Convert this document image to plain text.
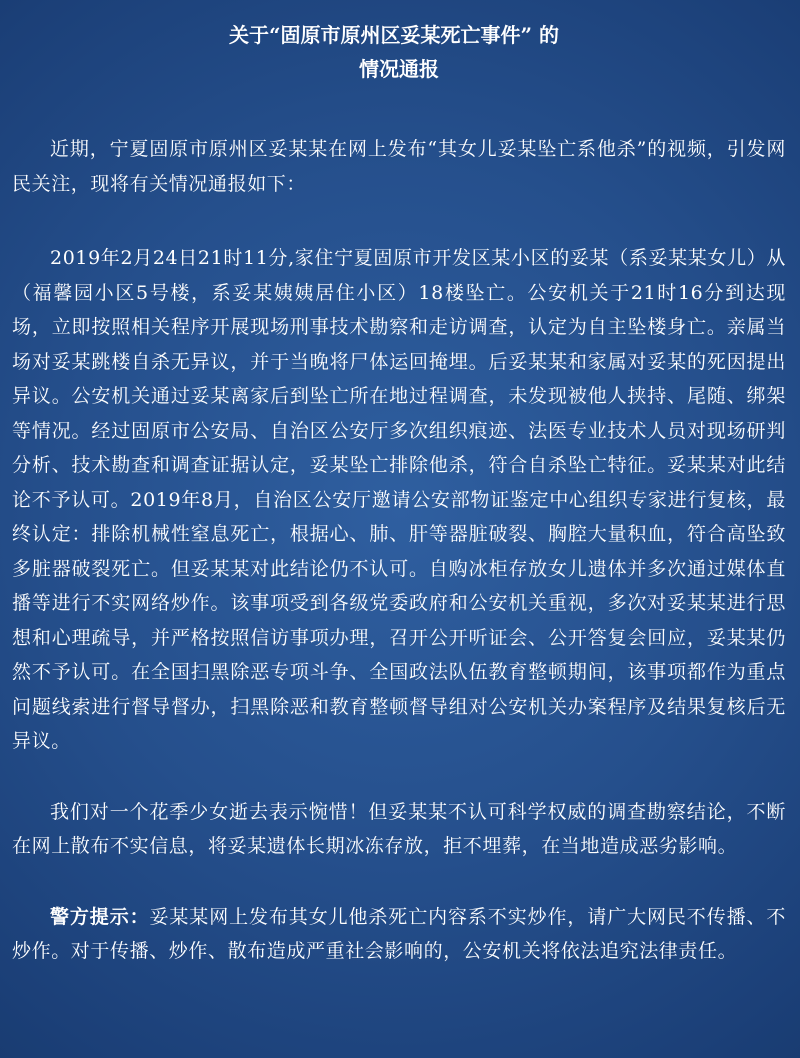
关于“固原市原州区妥某死亡事件” 的
情况通报

近期，宁夏固原市原州区妥某某在网上发布“其女儿妥某坠亡系他杀”的视频，引发网民关注，现将有关情况通报如下：

2019年2月24日21时11分,家住宁夏固原市开发区某小区的妥某（系妥某某女儿）从（福馨园小区5号楼，系妥某姨姨居住小区）18楼坠亡。公安机关于21时16分到达现场，立即按照相关程序开展现场刑事技术勘察和走访调查，认定为自主坠楼身亡。亲属当场对妥某跳楼自杀无异议，并于当晚将尸体运回掩埋。后妥某某和家属对妥某的死因提出异议。公安机关通过妥某离家后到坠亡所在地过程调查，未发现被他人挟持、尾随、绑架等情况。经过固原市公安局、自治区公安厅多次组织痕迹、法医专业技术人员对现场研判分析、技术勘查和调查证据认定，妥某坠亡排除他杀，符合自杀坠亡特征。妥某某对此结论不予认可。2019年8月，自治区公安厅邀请公安部物证鉴定中心组织专家进行复核，最终认定：排除机械性窒息死亡，根据心、肺、肝等器脏破裂、胸腔大量积血，符合高坠致多脏器破裂死亡。但妥某某对此结论仍不认可。自购冰柜存放女儿遗体并多次通过媒体直播等进行不实网络炒作。该事项受到各级党委政府和公安机关重视，多次对妥某某进行思想和心理疏导，并严格按照信访事项办理，召开公开听证会、公开答复会回应，妥某某仍然不予认可。在全国扫黑除恶专项斗争、全国政法队伍教育整顿期间，该事项都作为重点问题线索进行督导督办，扫黑除恶和教育整顿督导组对公安机关办案程序及结果复核后无异议。

我们对一个花季少女逝去表示惋惜！但妥某某不认可科学权威的调查勘察结论，不断在网上散布不实信息，将妥某遗体长期冰冻存放，拒不埋葬，在当地造成恶劣影响。

警方提示：妥某某网上发布其女儿他杀死亡内容系不实炒作，请广大网民不传播、不炒作。对于传播、炒作、散布造成严重社会影响的，公安机关将依法追究法律责任。
